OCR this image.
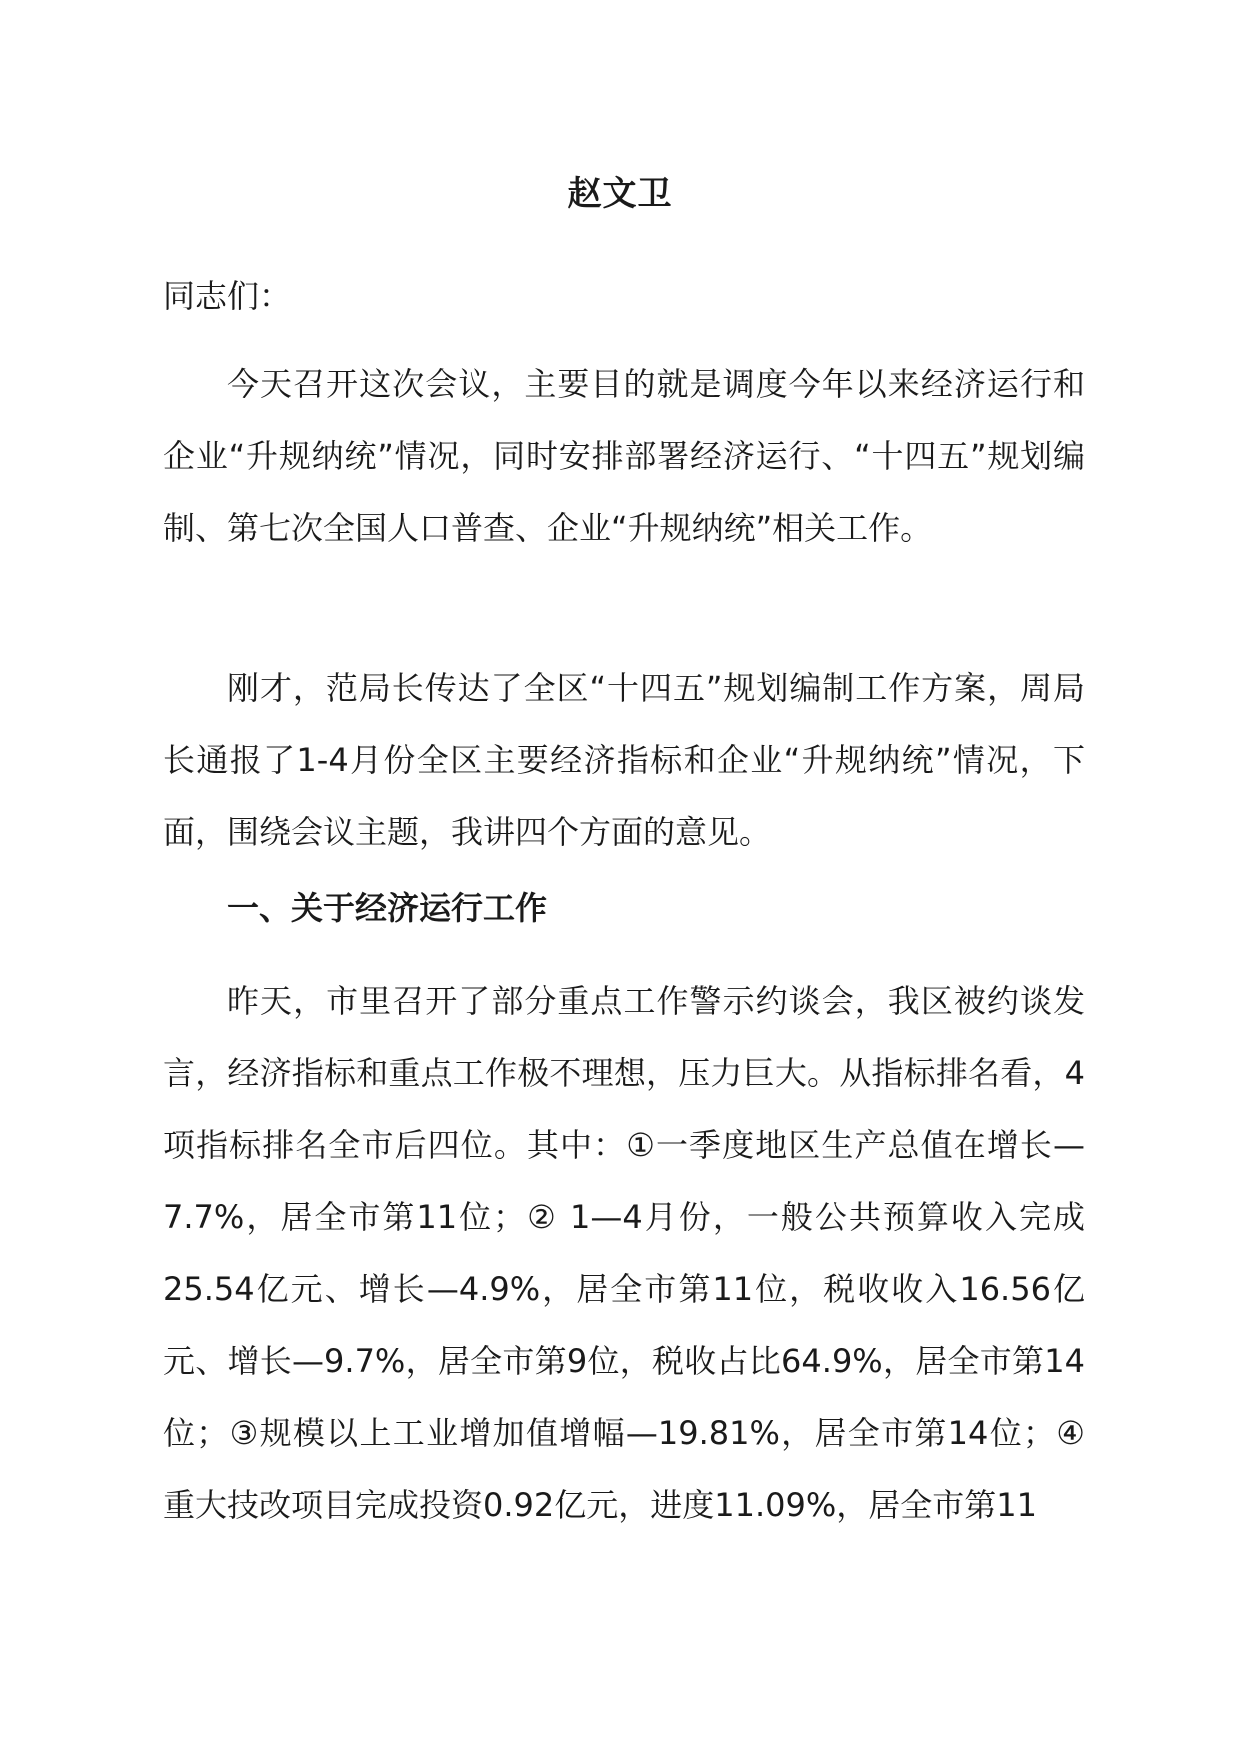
赵文卫

同志们：

今天召开这次会议，主要目的就是调度今年以来经济运行和企业“升规纳统”情况，同时安排部署经济运行、“十四五”规划编制、第七次全国人口普查、企业“升规纳统”相关工作。

刚才，范局长传达了全区“十四五”规划编制工作方案，周局长通报了1-4月份全区主要经济指标和企业“升规纳统”情况，下面，围绕会议主题，我讲四个方面的意见。

一、关于经济运行工作

昨天，市里召开了部分重点工作警示约谈会，我区被约谈发言，经济指标和重点工作极不理想，压力巨大。从指标排名看，4项指标排名全市后四位。其中：①一季度地区生产总值在增长—7.7%，居全市第11位；② 1—4月份，一般公共预算收入完成25.54亿元、增长—4.9%，居全市第11位，税收收入16.56亿元、增长—9.7%，居全市第9位，税收占比64.9%，居全市第14位；③规模以上工业增加值增幅—19.81%，居全市第14位；④重大技改项目完成投资0.92亿元，进度11.09%，居全市第11
